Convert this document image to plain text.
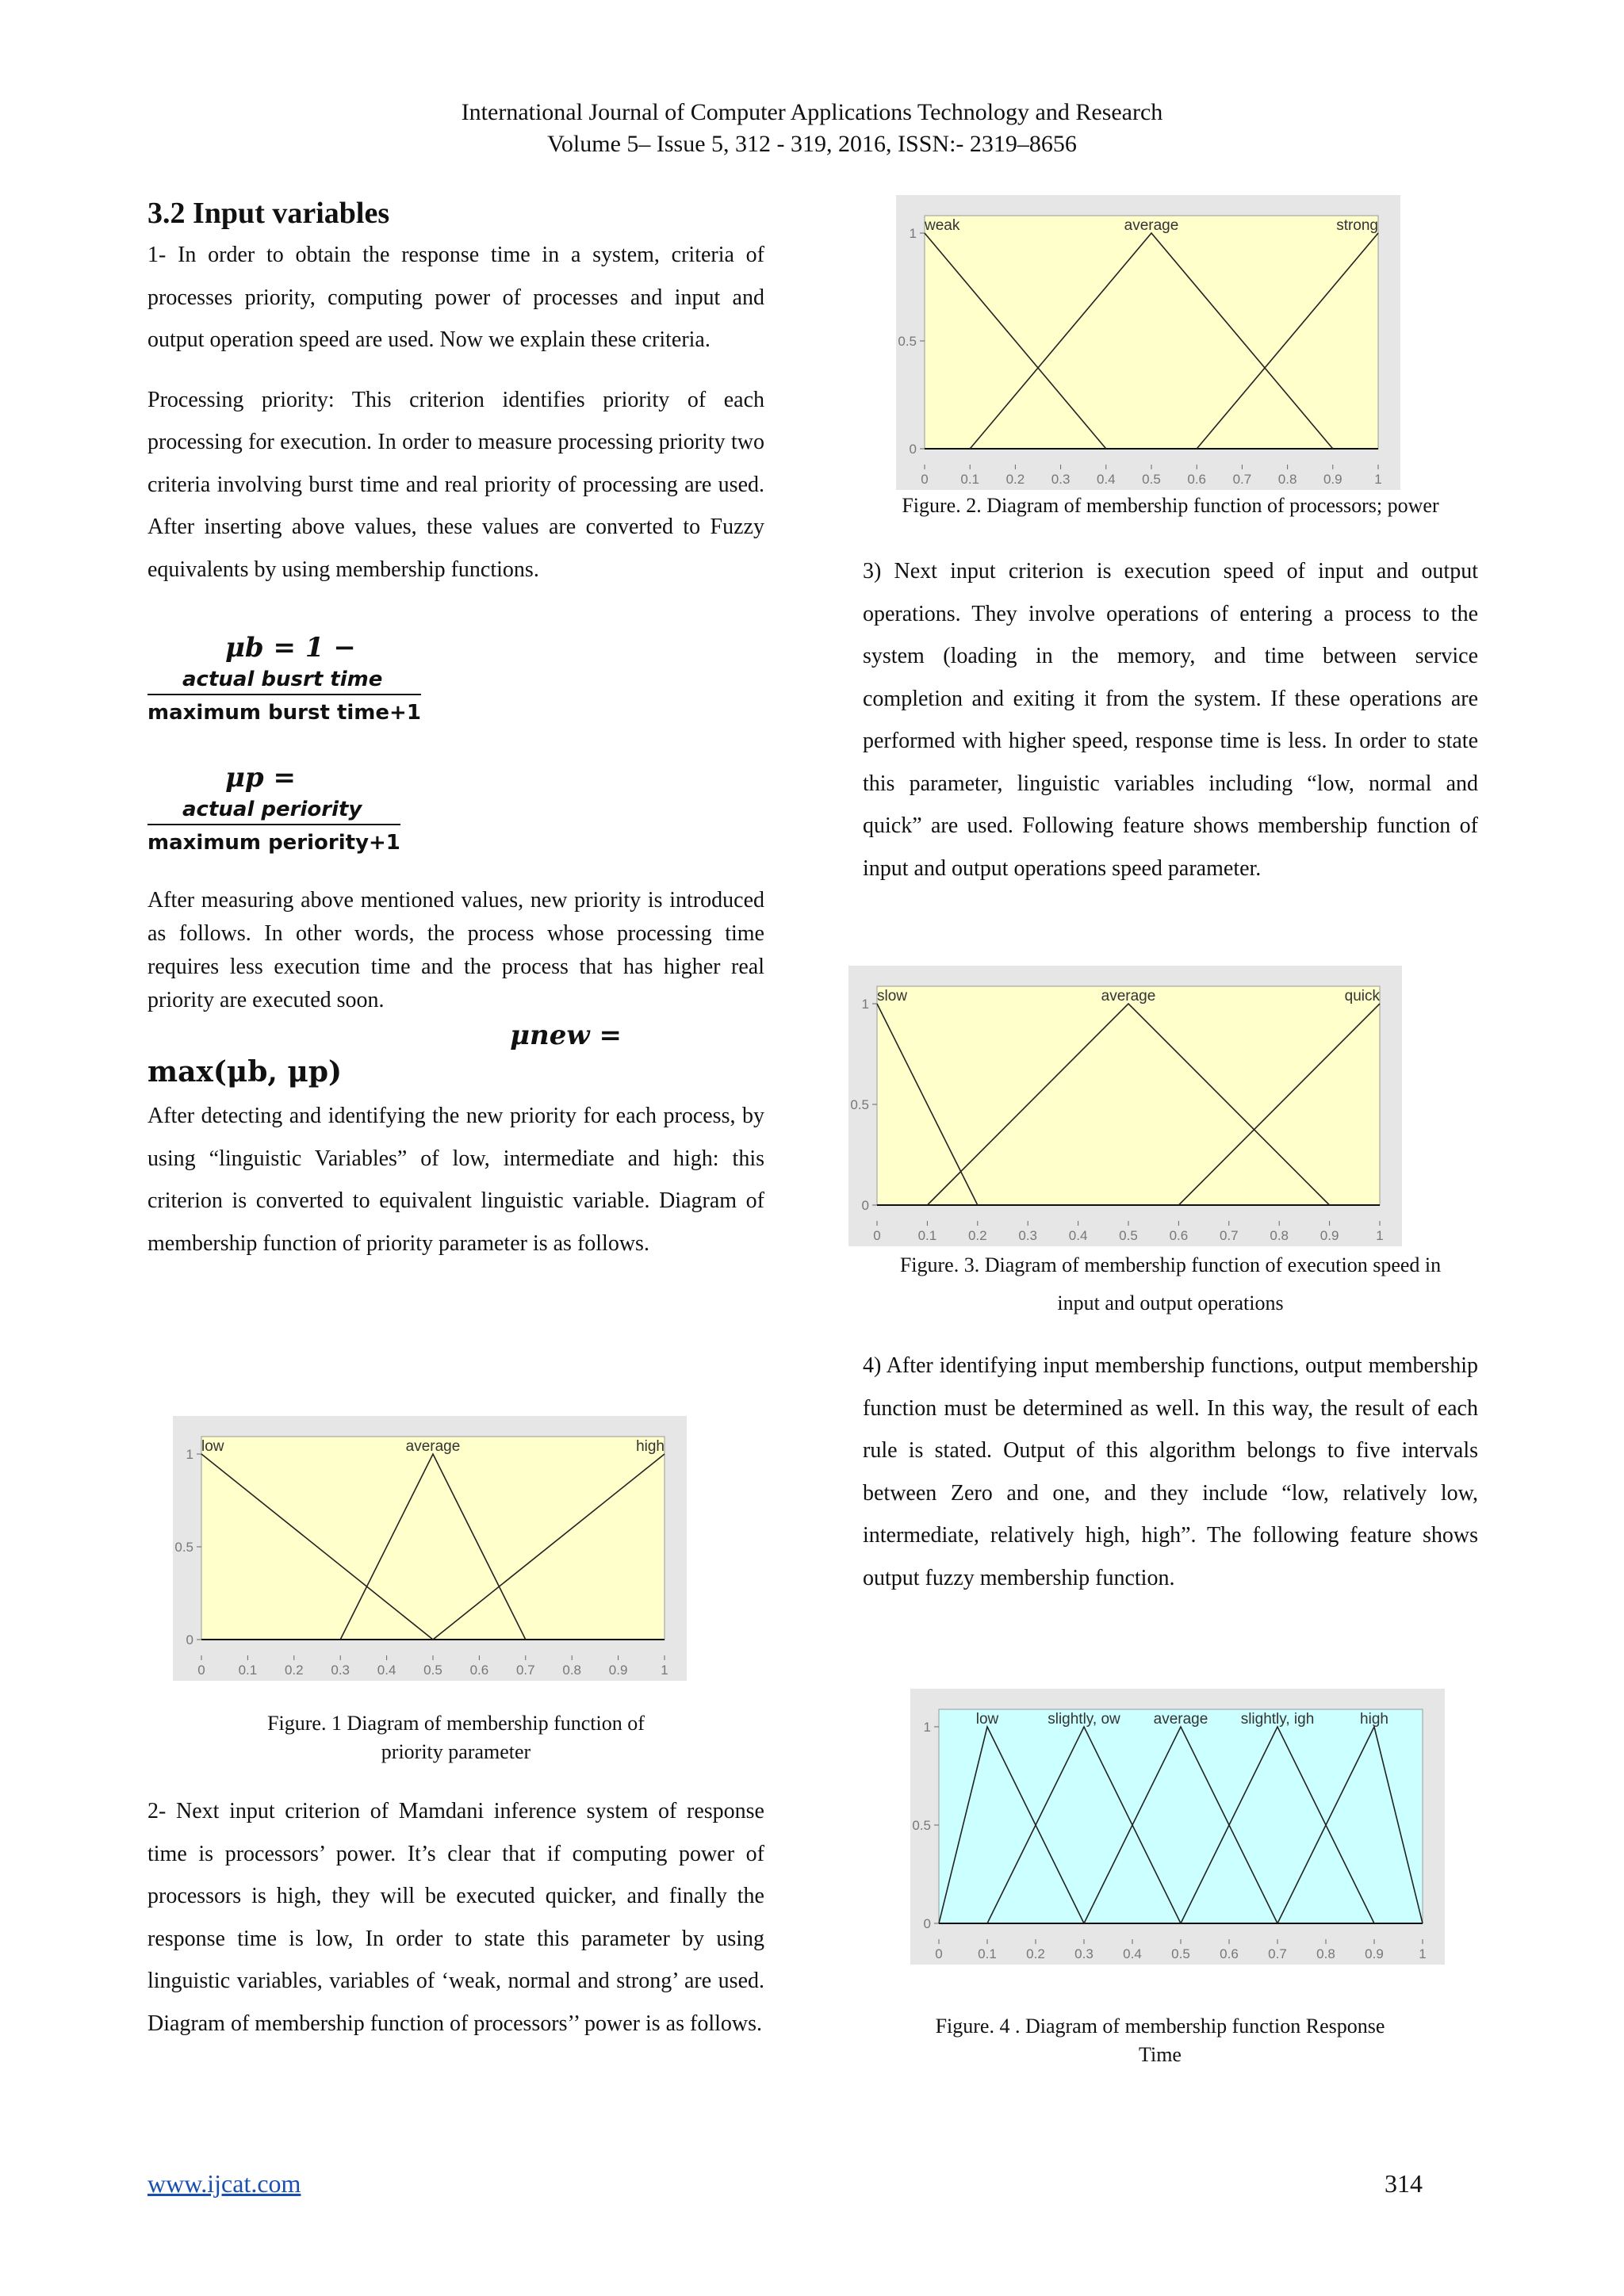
International Journal of Computer Applications Technology and Research
Volume 5– Issue 5, 312 - 319, 2016, ISSN:- 2319–8656
3.2 Input variables

1- In order to obtain the response time in a system, criteria of processes priority, computing power of processes and input and output operation speed are used. Now we explain these criteria.

Processing priority: This criterion identifies priority of each processing for execution. In order to measure processing priority two criteria involving burst time and real priority of processing are used. After inserting above values, these values are converted to Fuzzy equivalents by using membership functions.

μb = 1 −
actual busrt time
maximum burst time+1
μp =
actual periority
maximum periority+1

After measuring above mentioned values, new priority is introduced as follows. In other words, the process whose processing time requires less execution time and the process that has higher real priority are executed soon.

μnew =
max(μb, μp)

After detecting and identifying the new priority for each process, by using “linguistic Variables” of low, intermediate and high: this criterion is converted to equivalent linguistic variable. Diagram of membership function of priority parameter is as follows.

0 0.1 0.2 0.3 0.4 0.5 0.6 0.7 0.8 0.9 1
0
0.5
1 low	average	high
Figure. 1 Diagram of membership function of
priority parameter

2- Next input criterion of Mamdani inference system of response time is processors’ power. It’s clear that if computing power of processors is high, they will be executed quicker, and finally the response time is low, In order to state this parameter by using linguistic variables, variables of ‘weak, normal and strong’ are used. Diagram of membership function of processors’’ power is as follows.

0 0.1 0.2 0.3 0.4 0.5 0.6 0.7 0.8 0.9 1
0
0.5
1 weak	average	strong
Figure. 2. Diagram of membership function of processors; power

3) Next input criterion is execution speed of input and output operations. They involve operations of entering a process to the system (loading in the memory, and time between service completion and exiting it from the system. If these operations are performed with higher speed, response time is less. In order to state this parameter, linguistic variables including “low, normal and quick” are used. Following feature shows membership function of input and output operations speed parameter.

0	0.1 0.2 0.3 0.4 0.5 0.6 0.7 0.8 0.9	1
0
0.5
1 slow	average	quick
Figure. 3. Diagram of membership function of execution speed in
input and output operations

4) After identifying input membership functions, output membership function must be determined as well. In this way, the result of each rule is stated. Output of this algorithm belongs to five intervals between Zero and one, and they include “low, relatively low, intermediate, relatively high, high”. The following feature shows output fuzzy membership function.

0	0.1 0.2 0.3 0.4 0.5 0.6 0.7 0.8 0.9	1
0
0.5
1	low	slightly, ow average slightly, igh	high
Figure. 4 . Diagram of membership function Response
Time
www.ijcat.com	314
